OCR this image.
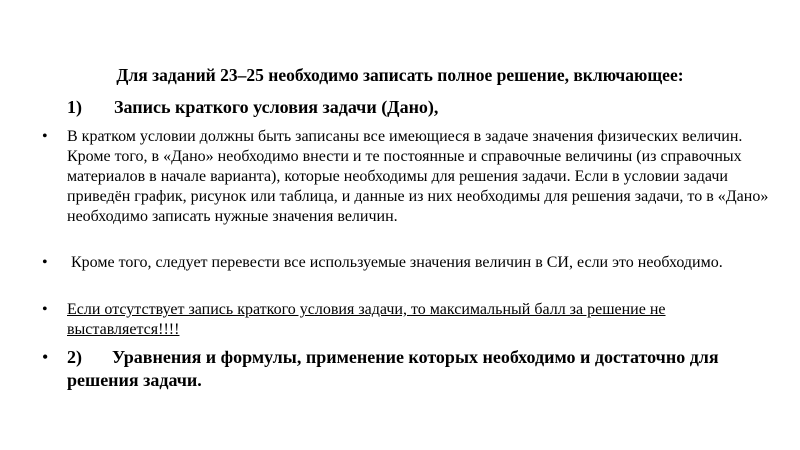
Для заданий 23–25 необходимо записать полное решение, включающее:
1) Запись краткого условия задачи (Дано),
• В кратком условии должны быть записаны все имеющиеся в задаче значения физических величин. Кроме того, в «Дано» необходимо внести и те постоянные и справочные величины (из справочных материалов в начале варианта), которые необходимы для решения задачи. Если в условии задачи приведён график, рисунок или таблица, и данные из них необходимы для решения задачи, то в «Дано» необходимо записать нужные значения величин.
• Кроме того, следует перевести все используемые значения величин в СИ, если это необходимо.
• Если отсутствует запись краткого условия задачи, то максимальный балл за решение не выставляется!!!!
• 2) Уравнения и формулы, применение которых необходимо и достаточно для решения задачи.
